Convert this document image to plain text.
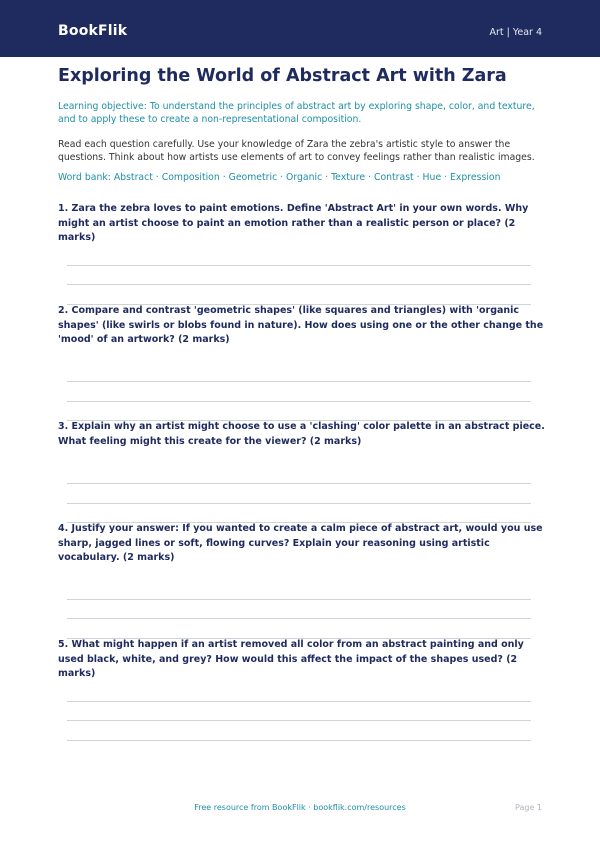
BookFlik	Art | Year 4
Exploring the World of Abstract Art with Zara
Learning objective: To understand the principles of abstract art by exploring shape, color, and texture, and to apply these to create a non-representational composition.
Read each question carefully. Use your knowledge of Zara the zebra's artistic style to answer the questions. Think about how artists use elements of art to convey feelings rather than realistic images.
Word bank: Abstract · Composition · Geometric · Organic · Texture · Contrast · Hue · Expression
1. Zara the zebra loves to paint emotions. Define 'Abstract Art' in your own words. Why might an artist choose to paint an emotion rather than a realistic person or place? (2 marks)
2. Compare and contrast 'geometric shapes' (like squares and triangles) with 'organic shapes' (like swirls or blobs found in nature). How does using one or the other change the 'mood' of an artwork? (2 marks)
3. Explain why an artist might choose to use a 'clashing' color palette in an abstract piece. What feeling might this create for the viewer? (2 marks)
4. Justify your answer: If you wanted to create a calm piece of abstract art, would you use sharp, jagged lines or soft, flowing curves? Explain your reasoning using artistic vocabulary. (2 marks)
5. What might happen if an artist removed all color from an abstract painting and only used black, white, and grey? How would this affect the impact of the shapes used? (2 marks)
Free resource from BookFlik · bookflik.com/resources	Page 1
